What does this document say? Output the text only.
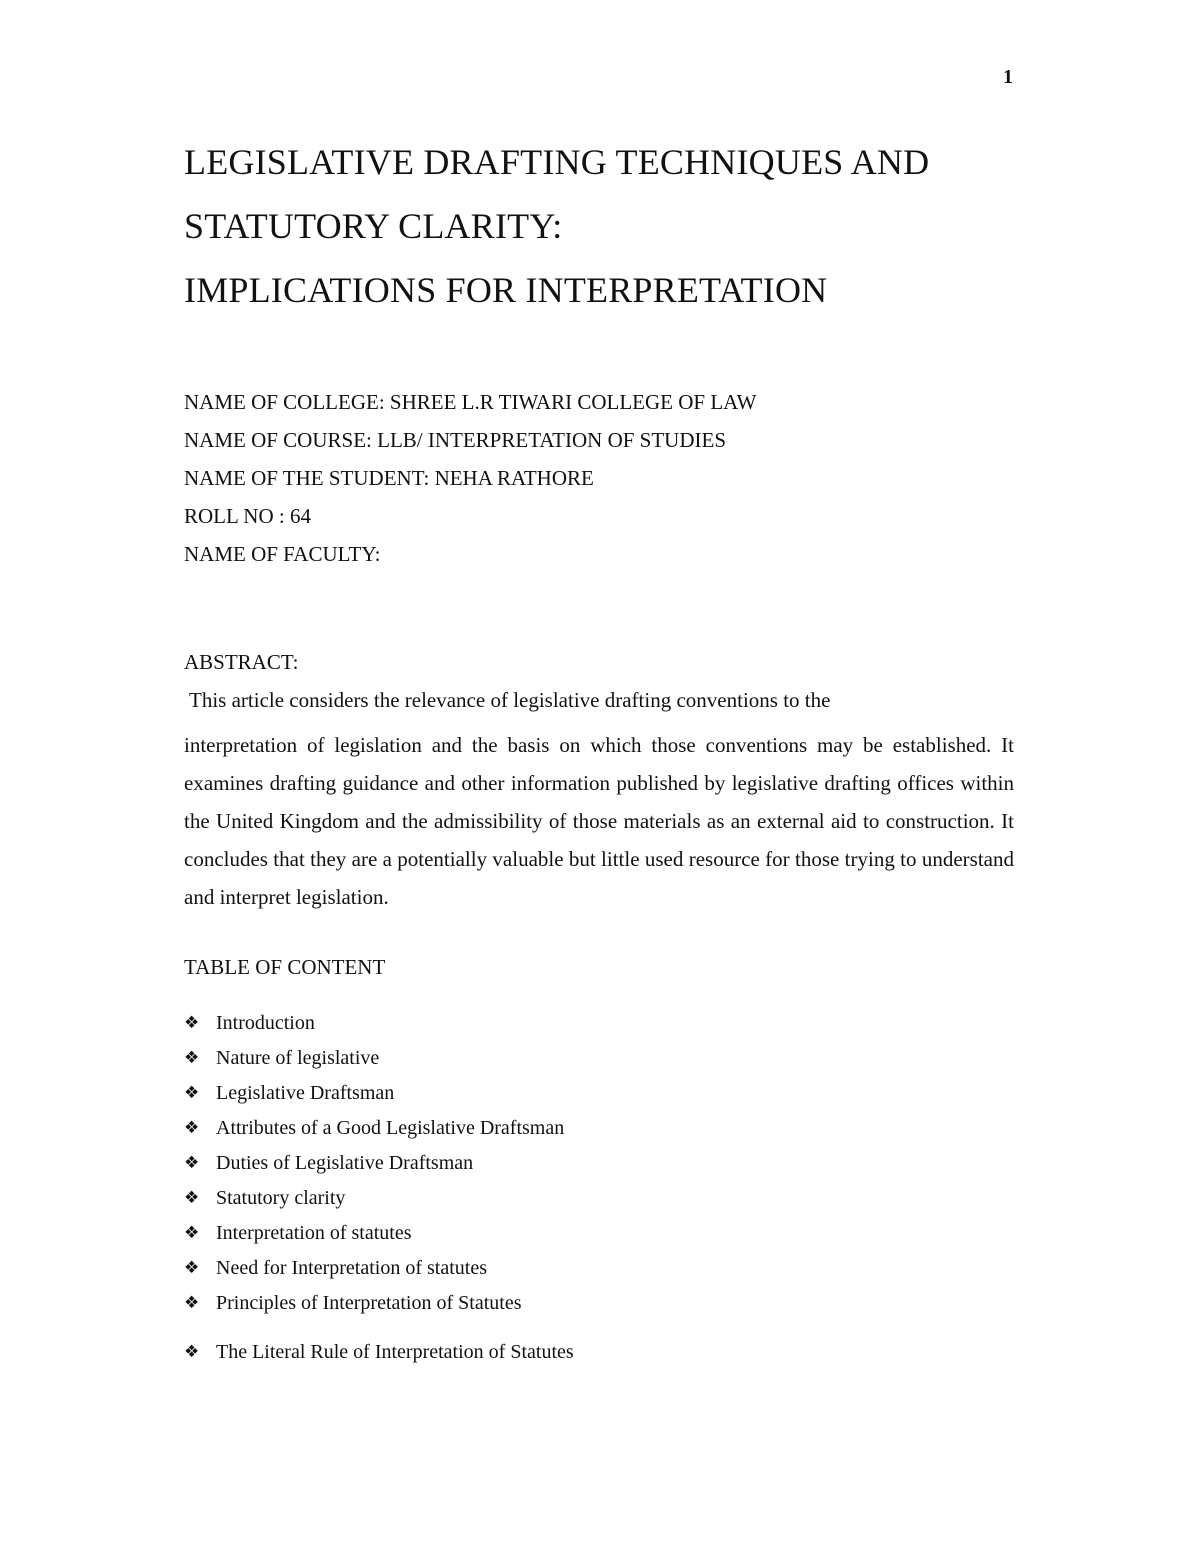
1
LEGISLATIVE DRAFTING TECHNIQUES AND
STATUTORY CLARITY:
IMPLICATIONS FOR INTERPRETATION
NAME OF COLLEGE: SHREE L.R TIWARI COLLEGE OF LAW
NAME OF COURSE: LLB/ INTERPRETATION OF STUDIES
NAME OF THE STUDENT: NEHA RATHORE
ROLL NO : 64
NAME OF FACULTY:
ABSTRACT:
This article considers the relevance of legislative drafting conventions to the
interpretation of legislation and the basis on which those conventions may be established. It examines drafting guidance and other information published by legislative drafting offices within the United Kingdom and the admissibility of those materials as an external aid to construction. It concludes that they are a potentially valuable but little used resource for those trying to understand and interpret legislation.
TABLE OF CONTENT
❖ Introduction
❖ Nature of legislative
❖ Legislative Draftsman
❖ Attributes of a Good Legislative Draftsman
❖ Duties of Legislative Draftsman
❖ Statutory clarity
❖ Interpretation of statutes
❖ Need for Interpretation of statutes
❖ Principles of Interpretation of Statutes
❖ The Literal Rule of Interpretation of Statutes
